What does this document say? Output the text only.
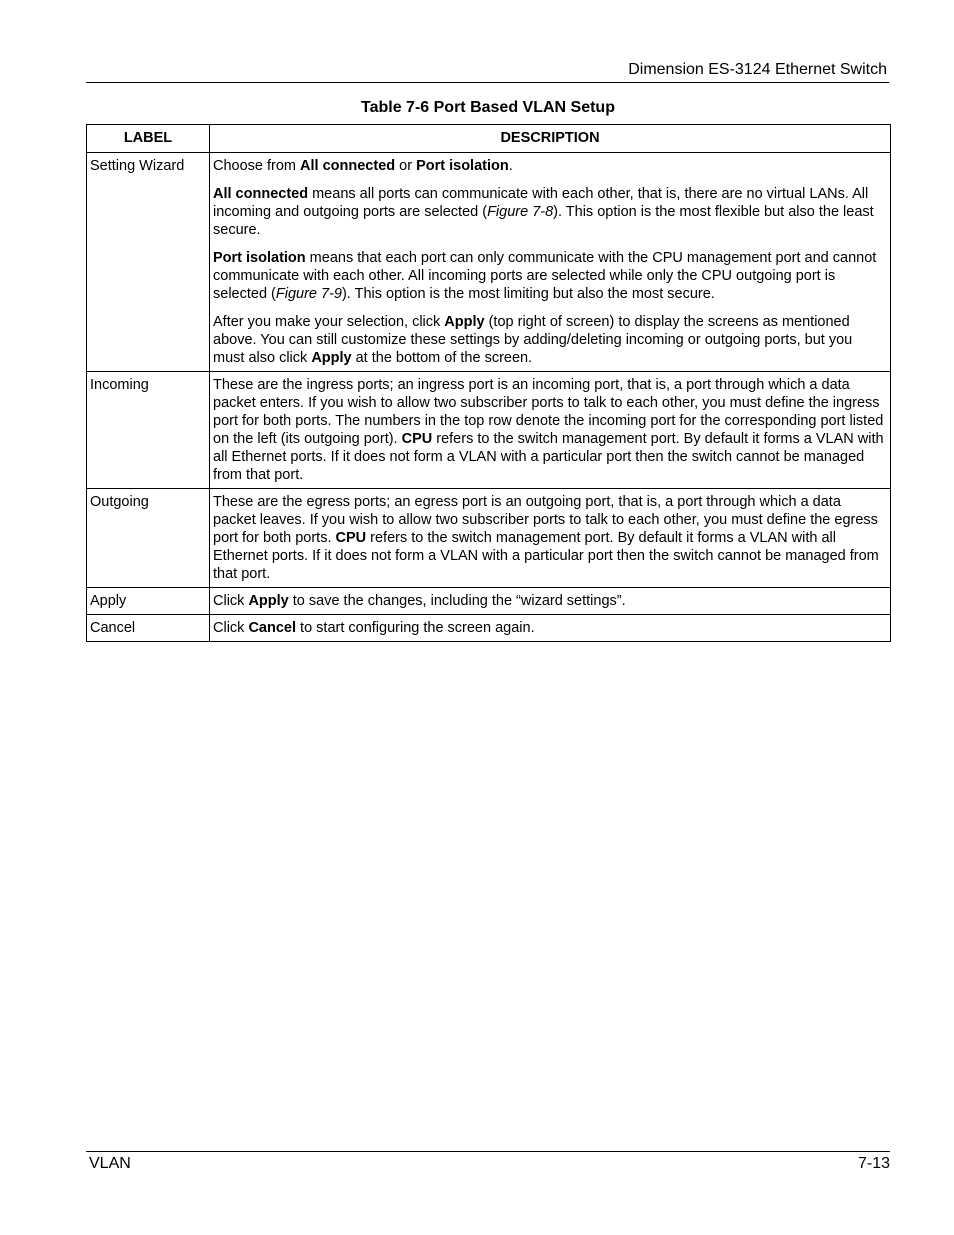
Dimension ES-3124 Ethernet Switch
Table 7-6 Port Based VLAN Setup
LABEL	DESCRIPTION
Setting Wizard	Choose from All connected or Port isolation.

All connected means all ports can communicate with each other, that is, there are no virtual LANs. All incoming and outgoing ports are selected (Figure 7-8). This option is the most flexible but also the least secure.

Port isolation means that each port can only communicate with the CPU management port and cannot communicate with each other. All incoming ports are selected while only the CPU outgoing port is selected (Figure 7-9). This option is the most limiting but also the most secure.

After you make your selection, click Apply (top right of screen) to display the screens as mentioned above. You can still customize these settings by adding/deleting incoming or outgoing ports, but you must also click Apply at the bottom of the screen.

Incoming	These are the ingress ports; an ingress port is an incoming port, that is, a port through which a data packet enters. If you wish to allow two subscriber ports to talk to each other, you must define the ingress port for both ports. The numbers in the top row denote the incoming port for the corresponding port listed on the left (its outgoing port). CPU refers to the switch management port. By default it forms a VLAN with all Ethernet ports. If it does not form a VLAN with a particular port then the switch cannot be managed from that port.

Outgoing	These are the egress ports; an egress port is an outgoing port, that is, a port through which a data packet leaves. If you wish to allow two subscriber ports to talk to each other, you must define the egress port for both ports. CPU refers to the switch management port. By default it forms a VLAN with all Ethernet ports. If it does not form a VLAN with a particular port then the switch cannot be managed from that port.

Apply	Click Apply to save the changes, including the “wizard settings”.

Cancel	Click Cancel to start configuring the screen again.

VLAN	7-13
